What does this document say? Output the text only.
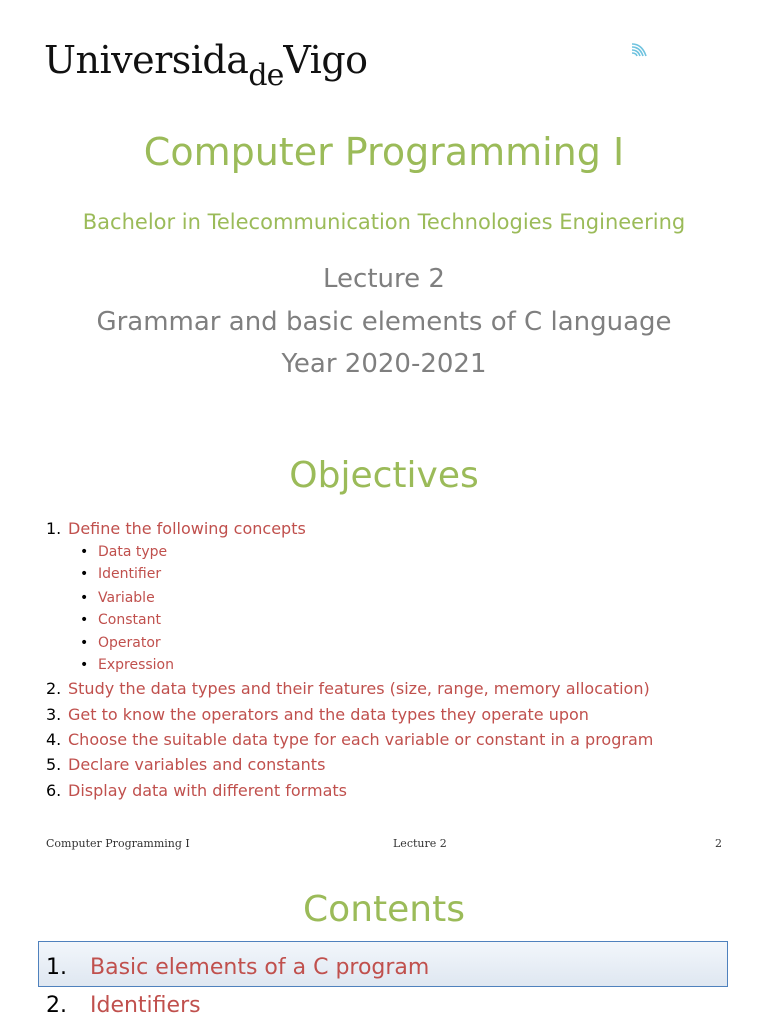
Universida$_{de}$Vigo
Computer Programming I
Bachelor in Telecommunication Technologies Engineering
Lecture 2
Grammar and basic elements of C language
Year 2020-2021
Objectives
1. Define the following concepts
• Data type
• Identifier
• Variable
• Constant
• Operator
• Expression
2. Study the data types and their features (size, range, memory allocation)
3. Get to know the operators and the data types they operate upon
4. Choose the suitable data type for each variable or constant in a program
5. Declare variables and constants
6. Display data with different formats
Computer Programming I	Lecture 2	2
Contents
1. Basic elements of a C program
2. Identifiers
